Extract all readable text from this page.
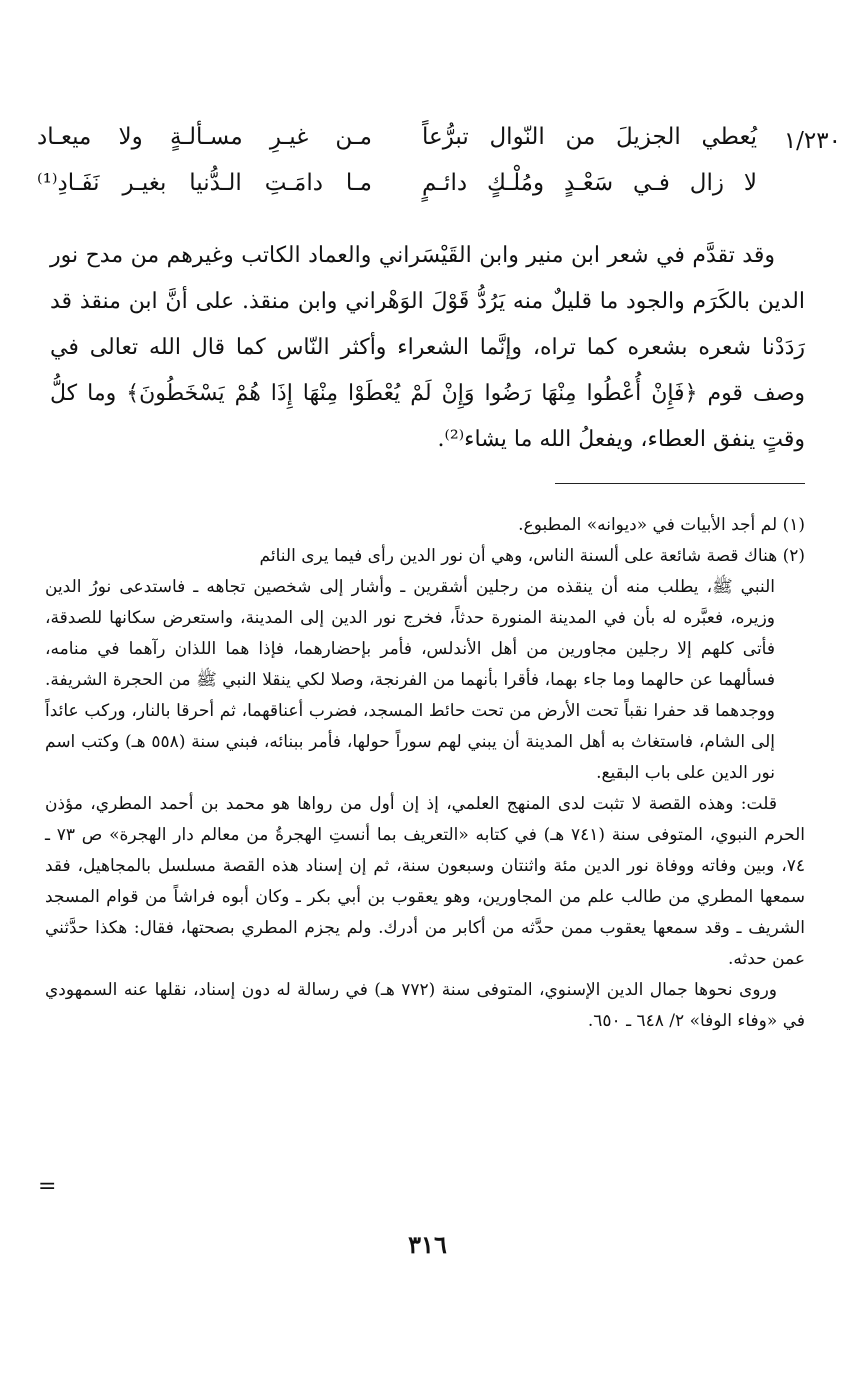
١/٢٣٠
يُعطي الجزيلَ من النّوال تبرُّعاً
مـن غيـرِ مسـألـةٍ ولا ميعـاد
لا زال فـي سَعْـدٍ ومُلْـكٍ دائـمٍ
مـا دامَـتِ الـدُّنيا بغيـر نَفَـادِ⁽¹⁾

وقد تقدَّم في شعر ابن منير وابن القَيْسَراني والعماد الكاتب وغيرهم من مدح نور الدين بالكَرَم والجود ما قليلٌ منه يَرُدُّ قَوْلَ الوَهْراني وابن منقذ. على أنَّ ابن منقذ قد رَدَدْنا شعره بشعره كما تراه، وإنَّما الشعراء وأكثر النّاس كما قال الله تعالى في وصف قوم ﴿فَإِنْ أُعْطُوا مِنْهَا رَضُوا وَإِنْ لَمْ يُعْطَوْا مِنْهَا إِذَا هُمْ يَسْخَطُونَ﴾ وما كلُّ وقتٍ ينفق العطاء، ويفعلُ الله ما يشاء⁽²⁾.

(١) لم أجد الأبيات في «ديوانه» المطبوع.

(٢) هناك قصة شائعة على ألسنة الناس، وهي أن نور الدين رأى فيما يرى النائم

النبي ﷺ، يطلب منه أن ينقذه من رجلين أشقرين ـ وأشار إلى شخصين تجاهه ـ فاستدعى نورُ الدين وزيره، فعبَّره له بأن في المدينة المنورة حدثاً، فخرج نور الدين إلى المدينة، واستعرض سكانها للصدقة، فأتى كلهم إلا رجلين مجاورين من أهل الأندلس، فأمر بإحضارهما، فإذا هما اللذان رآهما في منامه، فسألهما عن حالهما وما جاء بهما، فأقرا بأنهما من الفرنجة، وصلا لكي ينقلا النبي ﷺ من الحجرة الشريفة. ووجدهما قد حفرا نقباً تحت الأرض من تحت حائط المسجد، فضرب أعناقهما، ثم أحرقا بالنار، وركب عائداً إلى الشام، فاستغاث به أهل المدينة أن يبني لهم سوراً حولها، فأمر ببنائه، فبني سنة (٥٥٨ هـ) وكتب اسم نور الدين على باب البقيع.

قلت: وهذه القصة لا تثبت لدى المنهج العلمي، إذ إن أول من رواها هو محمد بن أحمد المطري، مؤذن الحرم النبوي، المتوفى سنة (٧٤١ هـ) في كتابه «التعريف بما أنستِ الهجرةُ من معالم دار الهجرة» ص ٧٣ ـ ٧٤، وبين وفاته ووفاة نور الدين مئة واثنتان وسبعون سنة، ثم إن إسناد هذه القصة مسلسل بالمجاهيل، فقد سمعها المطري من طالب علم من المجاورين، وهو يعقوب بن أبي بكر ـ وكان أبوه فراشاً من قوام المسجد الشريف ـ وقد سمعها يعقوب ممن حدَّثه من أكابر من أدرك. ولم يجزم المطري بصحتها، فقال: هكذا حدَّثني عمن حدثه.

وروى نحوها جمال الدين الإسنوي، المتوفى سنة (٧٧٢ هـ) في رسالة له دون إسناد، نقلها عنه السمهودي في «وفاء الوفا» ٢/ ٦٤٨ ـ ٦٥٠.

=
٣١٦
